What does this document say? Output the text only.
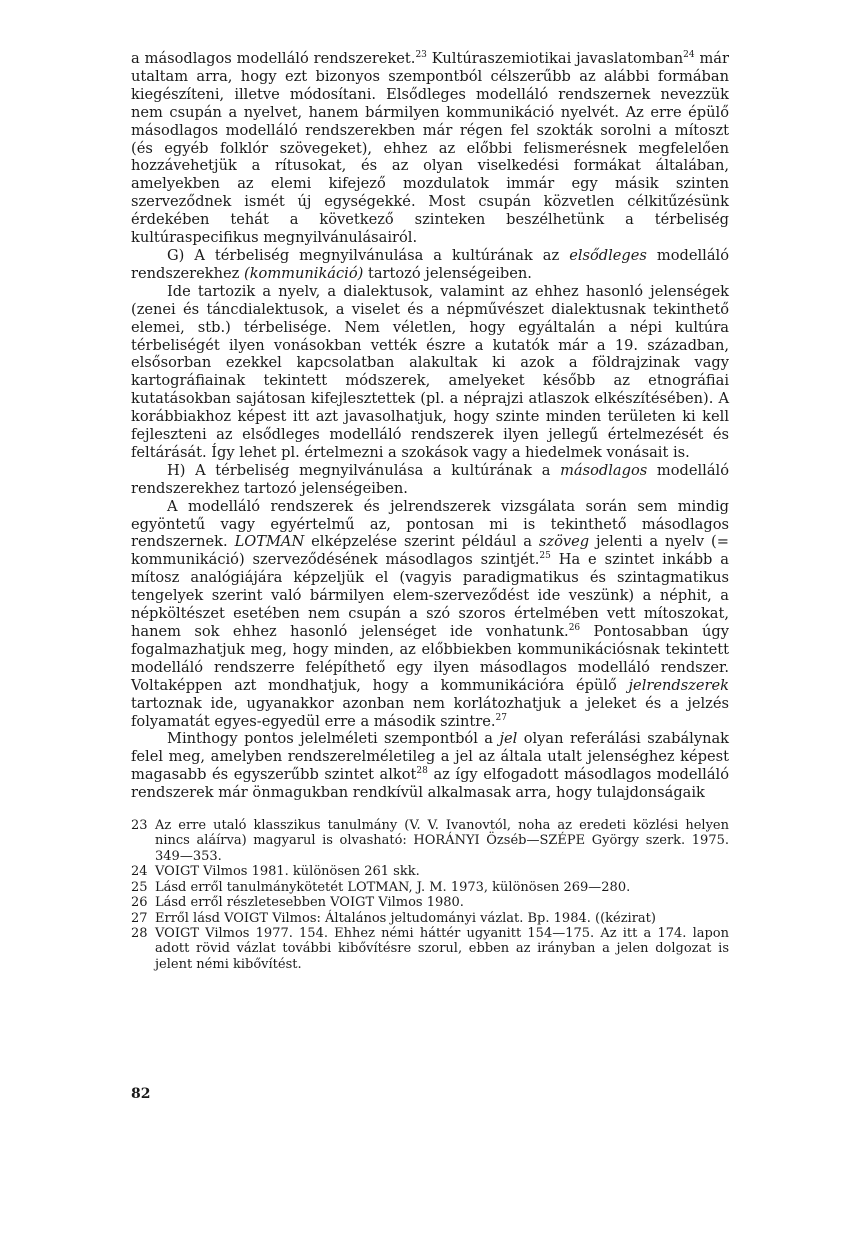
a másodlagos modelláló rendszereket.$^{23}$ Kultúraszemiotikai javaslatomban$^{24}$ már utaltam arra, hogy ezt bizonyos szempontból célszerűbb az alábbi formában kiegészíteni, illetve módosítani. Elsődleges modelláló rendszernek nevezzük nem csupán a nyelvet, hanem bármilyen kommunikáció nyelvét. Az erre épülő másodlagos modelláló rendszerekben már régen fel szokták sorolni a mítoszt (és egyéb folklór szövegeket), ehhez az előbbi felismerésnek megfelelően hozzávehetjük a rítusokat, és az olyan viselkedési formákat általában, amelyekben az elemi kifejező mozdulatok immár egy másik szinten szerveződnek ismét új egységekké. Most csupán közvetlen célkitűzésünk érdekében tehát a következő szinteken beszélhetünk a térbeliség kultúraspecifikus megnyilvánulásairól.

G) A térbeliség megnyilvánulása a kultúrának az elsődleges modelláló rendszerekhez (kommunikáció) tartozó jelenségeiben.

Ide tartozik a nyelv, a dialektusok, valamint az ehhez hasonló jelenségek (zenei és táncdialektusok, a viselet és a népművészet dialektusnak tekinthető elemei, stb.) térbelisége. Nem véletlen, hogy egyáltalán a népi kultúra térbeliségét ilyen vonásokban vették észre a kutatók már a 19. században, elsősorban ezekkel kapcsolatban alakultak ki azok a földrajzinak vagy kartográfiainak tekintett módszerek, amelyeket később az etnográfiai kutatásokban sajátosan kifejlesztettek (pl. a néprajzi atlaszok elkészítésében). A korábbiakhoz képest itt azt javasolhatjuk, hogy szinte minden területen ki kell fejleszteni az elsődleges modelláló rendszerek ilyen jellegű értelmezését és feltárását. Így lehet pl. értelmezni a szokások vagy a hiedelmek vonásait is.

H) A térbeliség megnyilvánulása a kultúrának a másodlagos modelláló rendszerekhez tartozó jelenségeiben.

A modelláló rendszerek és jelrendszerek vizsgálata során sem mindig egyöntetű vagy egyértelmű az, pontosan mi is tekinthető másodlagos rendszernek. LOTMAN elképzelése szerint például a szöveg jelenti a nyelv (= kommunikáció) szerveződésének másodlagos szintjét.$^{25}$ Ha e szintet inkább a mítosz analógiájára képzeljük el (vagyis paradigmatikus és szintagmatikus tengelyek szerint való bármilyen elem-szerveződést ide veszünk) a néphit, a népköltészet esetében nem csupán a szó szoros értelmében vett mítoszokat, hanem sok ehhez hasonló jelenséget ide vonhatunk.$^{26}$ Pontosabban úgy fogalmazhatjuk meg, hogy minden, az előbbiekben kommunikációsnak tekintett modelláló rendszerre felépíthető egy ilyen másodlagos modelláló rendszer. Voltaképpen azt mondhatjuk, hogy a kommunikációra épülő jelrendszerek tartoznak ide, ugyanakkor azonban nem korlátozhatjuk a jeleket és a jelzés folyamatát egyes-egyedül erre a második szintre.$^{27}$

Minthogy pontos jelelméleti szempontból a jel olyan referálási szabálynak felel meg, amelyben rendszerelméletileg a jel az általa utalt jelenséghez képest magasabb és egyszerűbb szintet alkot$^{28}$ az így elfogadott másodlagos modelláló rendszerek már önmagukban rendkívül alkalmasak arra, hogy tulajdonságaik

23 Az erre utaló klasszikus tanulmány (V. V. Ivanovtól, noha az eredeti közlési helyen nincs aláírva) magyarul is olvasható: HORÁNYI Özséb—SZÉPE György szerk. 1975. 349—353.
24 VOIGT Vilmos 1981. különösen 261 skk.
25 Lásd erről tanulmánykötetét LOTMAN, J. M. 1973, különösen 269—280.
26 Lásd erről részletesebben VOIGT Vilmos 1980.
27 Erről lásd VOIGT Vilmos: Általános jeltudományi vázlat. Bp. 1984. ((kézirat)
28 VOIGT Vilmos 1977. 154. Ehhez némi háttér ugyanitt 154—175. Az itt a 174. lapon adott rövid vázlat további kibővítésre szorul, ebben az irányban a jelen dolgozat is jelent némi kibővítést.
82
